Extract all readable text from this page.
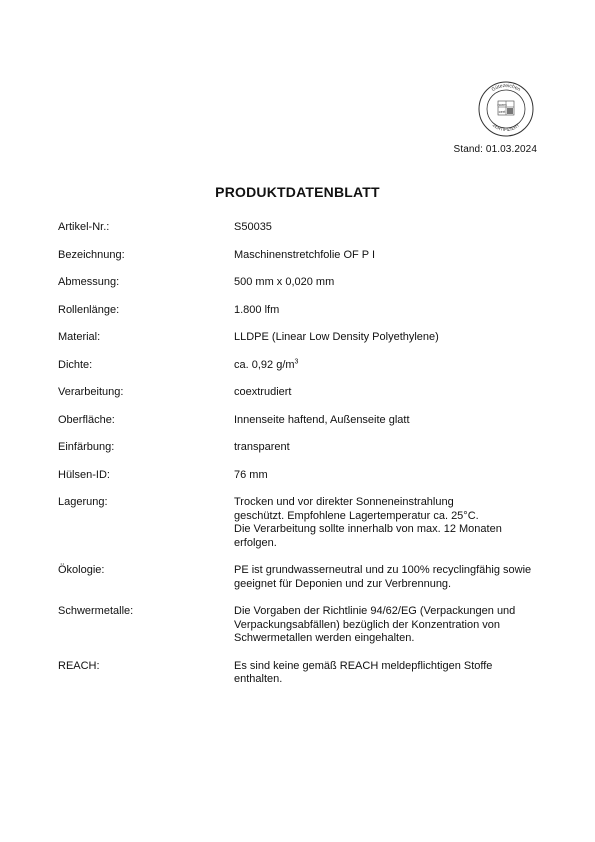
Gütezeichen
ZERTIFIZIERT
norm
cert
Stand: 01.03.2024
PRODUKTDATENBLATT
Artikel-Nr.:	S50035
Bezeichnung:	Maschinenstretchfolie OF P I
Abmessung:	500 mm x 0,020 mm
Rollenlänge:	1.800 lfm
Material:	LLDPE (Linear Low Density Polyethylene)
Dichte:	ca. 0,92 $g/m^3$
Verarbeitung:	coextrudiert
Oberfläche:	Innenseite haftend, Außenseite glatt
Einfärbung:	transparent
Hülsen-ID:	76 mm
Lagerung:	Trocken und vor direkter Sonneneinstrahlung
geschützt. Empfohlene Lagertemperatur ca. 25°C.
Die Verarbeitung sollte innerhalb von max. 12 Monaten
erfolgen.
Ökologie:	PE ist grundwasserneutral und zu 100% recyclingfähig sowie
geeignet für Deponien und zur Verbrennung.
Schwermetalle:	Die Vorgaben der Richtlinie 94/62/EG (Verpackungen und
Verpackungsabfällen) bezüglich der Konzentration von
Schwermetallen werden eingehalten.
REACH:	Es sind keine gemäß REACH meldepflichtigen Stoffe
enthalten.
